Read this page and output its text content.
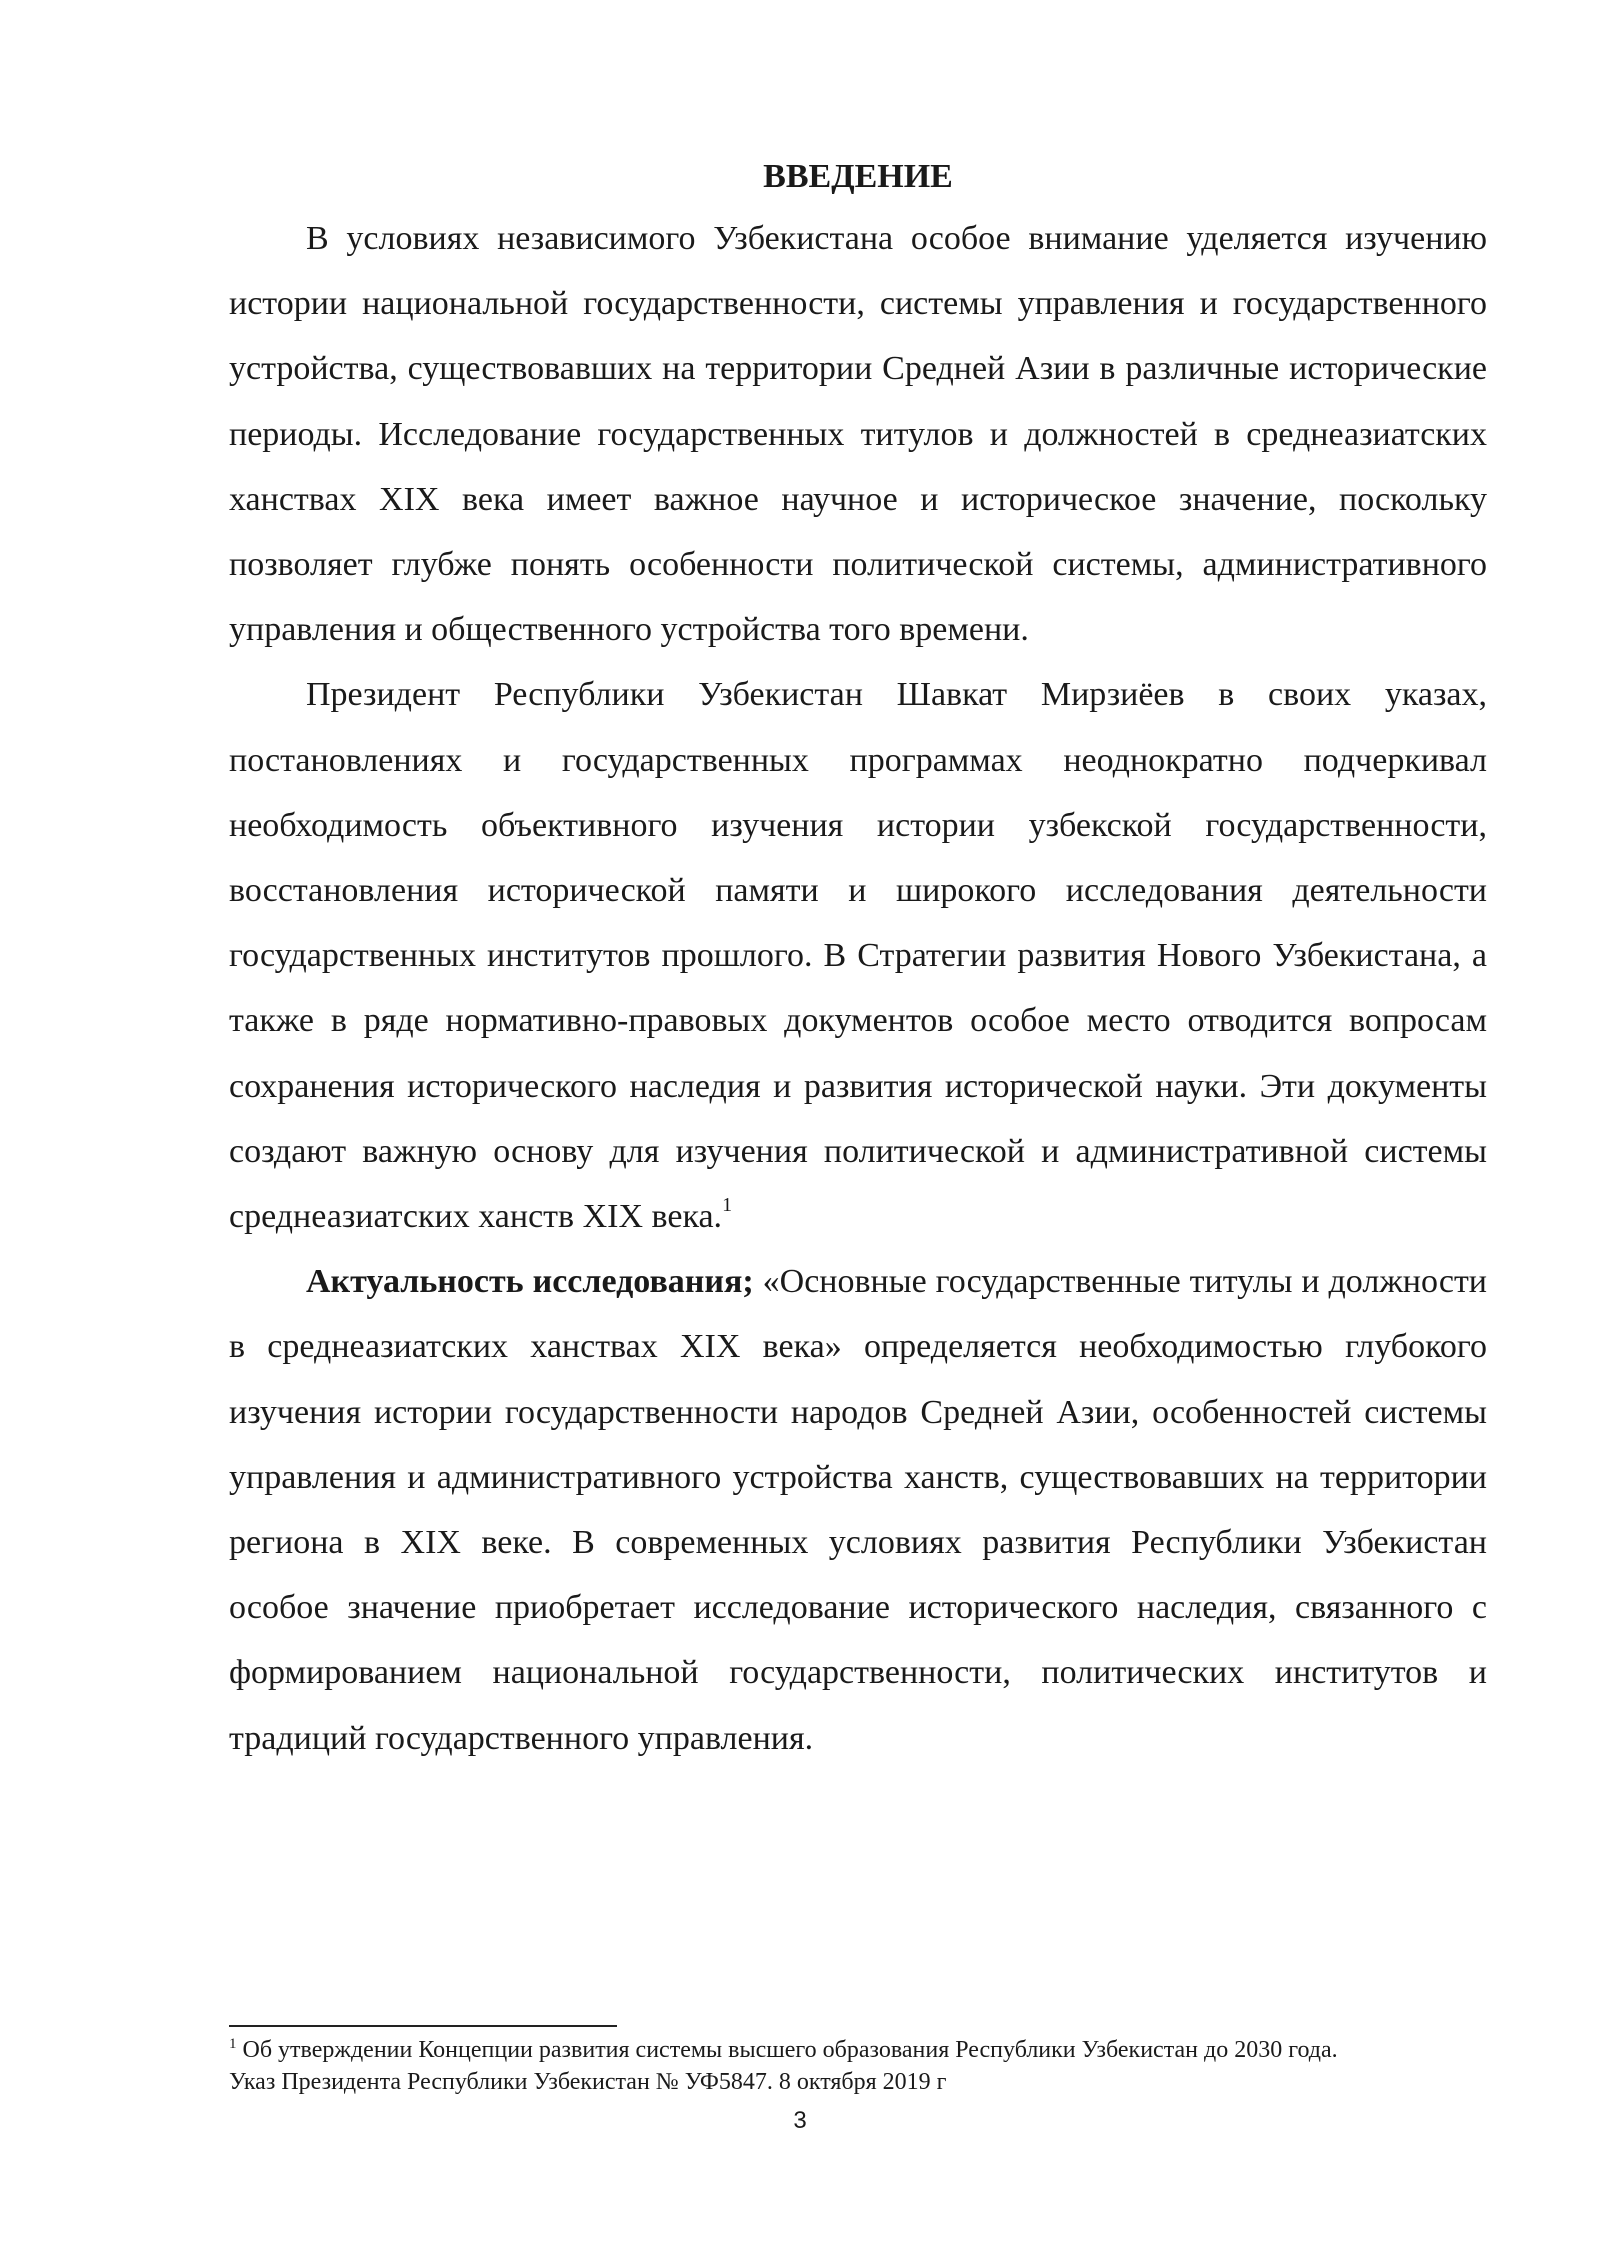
ВВЕДЕНИЕ

В условиях независимого Узбекистана особое внимание уделяется изучению истории национальной государственности, системы управления и государственного устройства, существовавших на территории Средней Азии в различные исторические периоды. Исследование государственных титулов и должностей в среднеазиатских ханствах XIX века имеет важное научное и историческое значение, поскольку позволяет глубже понять особенности политической системы, административного управления и общественного устройства того времени.

Президент Республики Узбекистан Шавкат Мирзиёев в своих указах, постановлениях и государственных программах неоднократно подчеркивал необходимость объективного изучения истории узбекской государственности, восстановления исторической памяти и широкого исследования деятельности государственных институтов прошлого. В Стратегии развития Нового Узбекистана, а также в ряде нормативно-правовых документов особое место отводится вопросам сохранения исторического наследия и развития исторической науки. Эти документы создают важную основу для изучения политической и административной системы среднеазиатских ханств XIX века.$^1$

Актуальность исследования; «Основные государственные титулы и должности в среднеазиатских ханствах XIX века» определяется необходимостью глубокого изучения истории государственности народов Средней Азии, особенностей системы управления и административного устройства ханств, существовавших на территории региона в XIX веке. В современных условиях развития Республики Узбекистан особое значение приобретает исследование исторического наследия, связанного с формированием национальной государственности, политических институтов и традиций государственного управления.

$^1$ Об утверждении Концепции развития системы высшего образования Республики Узбекистан до 2030 года.
Указ Президента Республики Узбекистан № УФ5847. 8 октября 2019 г
3
